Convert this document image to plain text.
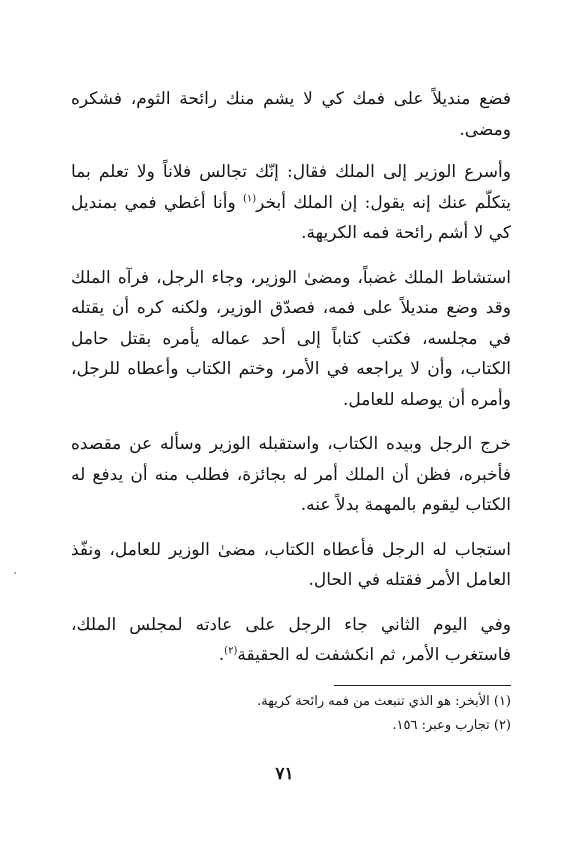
فضع منديلاً على فمك كي لا يشم منك رائحة الثوم، فشكره ومضى.

وأسرع الوزير إلى الملك فقال: إنّك تجالس فلاناً ولا تعلم بما يتكلّم عنك إنه يقول: إن الملك أبخر$^{(١)}$ وأنا أغطي فمي بمنديل كي لا أشم رائحة فمه الكريهة.

استشاط الملك غضباً، ومضىٰ الوزير، وجاء الرجل، فرآه الملك وقد وضع منديلاً على فمه، فصدّق الوزير، ولكنه كره أن يقتله في مجلسه، فكتب كتاباً إلى أحد عماله يأمره بقتل حامل الكتاب، وأن لا يراجعه في الأمر، وختم الكتاب وأعطاه للرجل، وأمره أن يوصله للعامل.

خرج الرجل وبيده الكتاب، واستقبله الوزير وسأله عن مقصده فأخبره، فظن أن الملك أمر له بجائزة، فطلب منه أن يدفع له الكتاب ليقوم بالمهمة بدلاً عنه.

استجاب له الرجل فأعطاه الكتاب، مضىٰ الوزير للعامل، ونفّذ العامل الأمر فقتله في الحال.

وفي اليوم الثاني جاء الرجل على عادته لمجلس الملك، فاستغرب الأمر، ثم انكشفت له الحقيقة$^{(٢)}$.

(١) الأبخر: هو الذي تنبعث من فمه رائحة كريهة.

(٢) تجارب وعبر: ١٥٦.

٧١
